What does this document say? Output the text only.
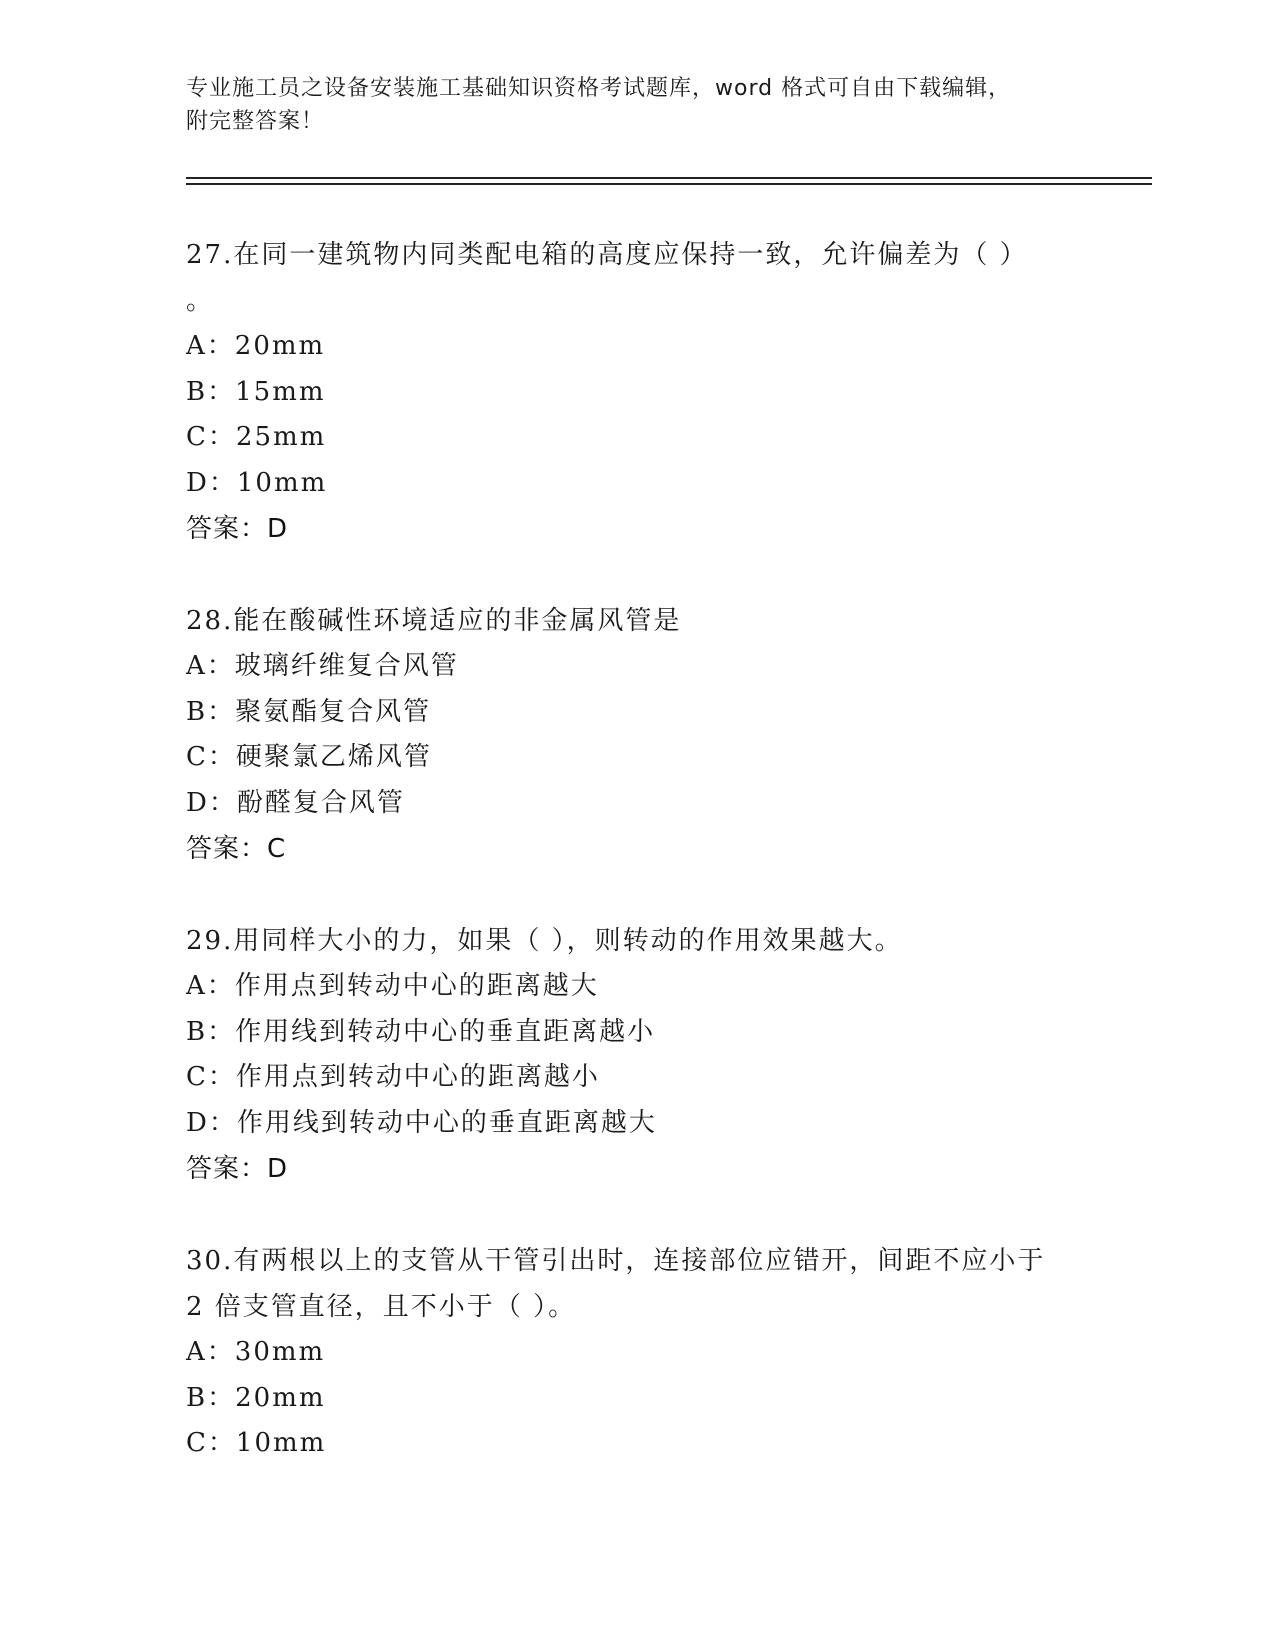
专业施工员之设备安装施工基础知识资格考试题库，word 格式可自由下载编辑，
附完整答案！
27.在同一建筑物内同类配电箱的高度应保持一致，允许偏差为（ ）
。
A：20mm
B：15mm
C：25mm
D：10mm
答案：D
28.能在酸碱性环境适应的非金属风管是
A：玻璃纤维复合风管
B：聚氨酯复合风管
C：硬聚氯乙烯风管
D：酚醛复合风管
答案：C
29.用同样大小的力，如果（ ），则转动的作用效果越大。
A：作用点到转动中心的距离越大
B：作用线到转动中心的垂直距离越小
C：作用点到转动中心的距离越小
D：作用线到转动中心的垂直距离越大
答案：D
30.有两根以上的支管从干管引出时，连接部位应错开，间距不应小于
2 倍支管直径，且不小于（ ）。
A：30mm
B：20mm
C：10mm
